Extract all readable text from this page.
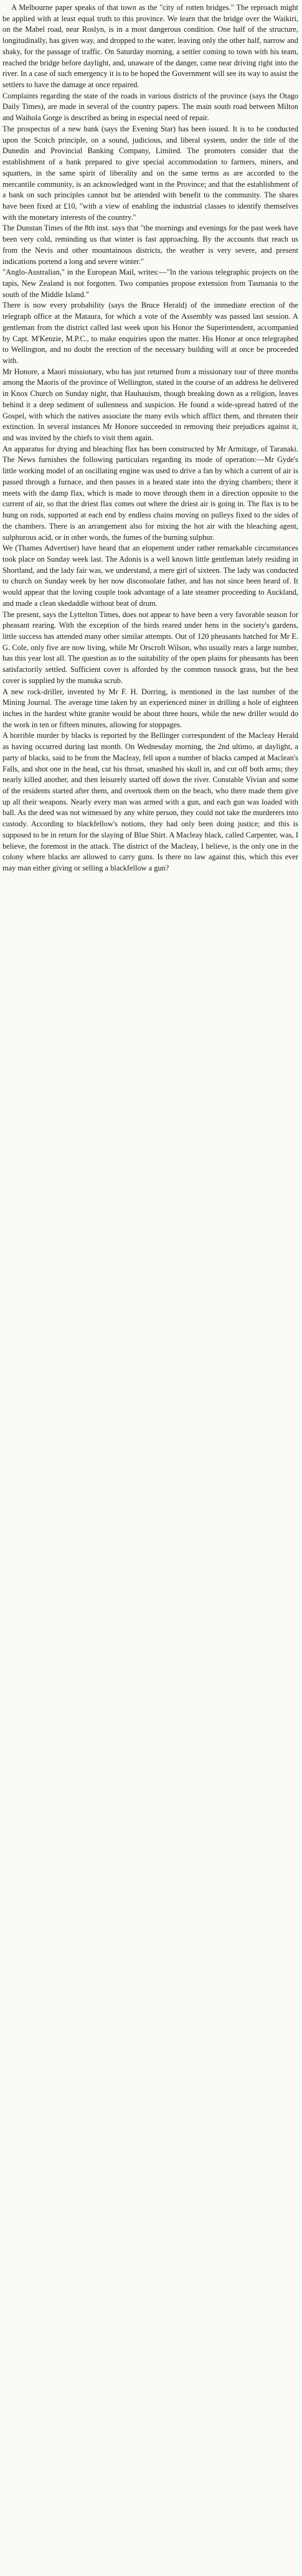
A Melbourne paper speaks of that town as the "city of rotten bridges." The reproach might be applied with at least equal truth to this province. We learn that the bridge over the Waikiri, on the Mabel road, near Roslyn, is in a most dangerous condition. One half of the structure, longitudinally, has given way, and dropped to the water, leaving only the other half, narrow and shaky, for the passage of traffic. On Saturday morning, a settler coming to town with his team, reached the bridge before daylight, and, unaware of the danger, came near driving right into the river. In a case of such emergency it is to be hoped the Government will see its way to assist the settlers to have the damage at once repaired.

Complaints regarding the state of the roads in various districts of the province (says the Otago Daily Times), are made in several of the country papers. The main south road between Milton and Waihola Gorge is described as being in especial need of repair.

The prospectus of a new bank (says the Evening Star) has been issued. It is to be conducted upon the Scotch principle, on a sound, judicious, and liberal system, under the title of the Dunedin and Provincial Banking Company, Limited. The promoters consider that the establishment of a bank prepared to give special accommodation to farmers, miners, and squatters, in the same spirit of liberality and on the same terms as are accorded to the mercantile community, is an acknowledged want in the Province; and that the establishment of a bank on such principles cannot but be attended with benefit to the community. The shares have been fixed at £10, "with a view of enabling the industrial classes to identify themselves with the monetary interests of the country."

The Dunstan Times of the 8th inst. says that "the mornings and evenings for the past week have been very cold, reminding us that winter is fast approaching. By the accounts that reach us from the Nevis and other mountainous districts, the weather is very severe, and present indications portend a long and severe winter."

"Anglo-Australian," in the European Mail, writes:—"In the various telegraphic projects on the tapis, New Zealand is not forgotten. Two companies propose extension from Tasmania to the south of the Middle Island."

There is now every probability (says the Bruce Herald) of the immediate erection of the telegraph office at the Mataura, for which a vote of the Assembly was passed last session. A gentleman from the district called last week upon his Honor the Superintendent, accompanied by Capt. M'Kenzie, M.P.C., to make enquiries upon the matter. His Honor at once telegraphed to Wellington, and no doubt the erection of the necessary building will at once be proceeded with.

Mr Honore, a Maori missionary, who has just returned from a missionary tour of three months among the Maoris of the province of Wellington, stated in the course of an address he delivered in Knox Church on Sunday night, that Hauhauism, though breaking down as a religion, leaves behind it a deep sediment of sullenness and suspicion. He found a wide-spread hatred of the Gospel, with which the natives associate the many evils which afflict them, and threaten their extinction. In several instances Mr Honore succeeded in removing their prejudices against it, and was invited by the chiefs to visit them again.

An apparatus for drying and bleaching flax has been constructed by Mr Armitage, of Taranaki. The News furnishes the following particulars regarding its mode of operation:—Mr Gyde's little working model of an oscillating engine was used to drive a fan by which a current of air is passed through a furnace, and then passes in a heated state into the drying chambers; there it meets with the damp flax, which is made to move through them in a direction opposite to the current of air, so that the driest flax comes out where the driest air is going in. The flax is to be hung on rods, supported at each end by endless chains moving on pulleys fixed to the sides of the chambers. There is an arrangement also for mixing the hot air with the bleaching agent, sulphurous acid, or in other words, the fumes of the burning sulphur.

We (Thames Advertiser) have heard that an elopement under rather remarkable circumstances took place on Sunday week last. The Adonis is a well known little gentleman lately residing in Shortland, and the lady fair was, we understand, a mere girl of sixteen. The lady was conducted to church on Sunday week by her now disconsolate father, and has not since been heard of. It would appear that the loving couple took advantage of a late steamer proceeding to Auckland, and made a clean skedaddle without beat of drum.

The present, says the Lyttelton Times, does not appear to have been a very favorable season for pheasant rearing. With the exception of the birds reared under hens in the society's gardens, little success has attended many other similar attempts. Out of 120 pheasants hatched for Mr E. G. Cole, only five are now living, while Mr Orscroft Wilson, who usually rears a large number, has this year lost all. The question as to the suitability of the open plains for pheasants has been satisfactorily settled. Sufficient cover is afforded by the common tussock grass, but the best cover is supplied by the manuka scrub.

A new rock-driller, invented by Mr F. H. Dorring, is mentioned in the last number of the Mining Journal. The average time taken by an experienced miner in drilling a hole of eighteen inches in the hardest white granite would be about three hours, while the new driller would do the work in ten or fifteen minutes, allowing for stoppages.

A horrible murder by blacks is reported by the Bellinger correspondent of the Macleay Herald as having occurred during last month. On Wednesday morning, the 2nd ultimo, at daylight, a party of blacks, said to be from the Macleay, fell upon a number of blacks camped at Maclean's Falls, and shot one in the head, cut his throat, smashed his skull in, and cut off both arms; they nearly killed another, and then leisurely started off down the river. Constable Vivian and some of the residents started after them, and overtook them on the beach, who there made them give up all their weapons. Nearly every man was armed with a gun, and each gun was loaded with ball. As the deed was not witnessed by any white person, they could not take the murderers into custody. According to blackfellow's notions, they had only been doing justice; and this is supposed to be in return for the slaying of Blue Shirt. A Macleay black, called Carpenter, was, I believe, the foremost in the attack. The district of the Macleay, I believe, is the only one in the colony where blacks are allowed to carry guns. Is there no law against this, which this ever may man either giving or selling a blackfellow a gun?
